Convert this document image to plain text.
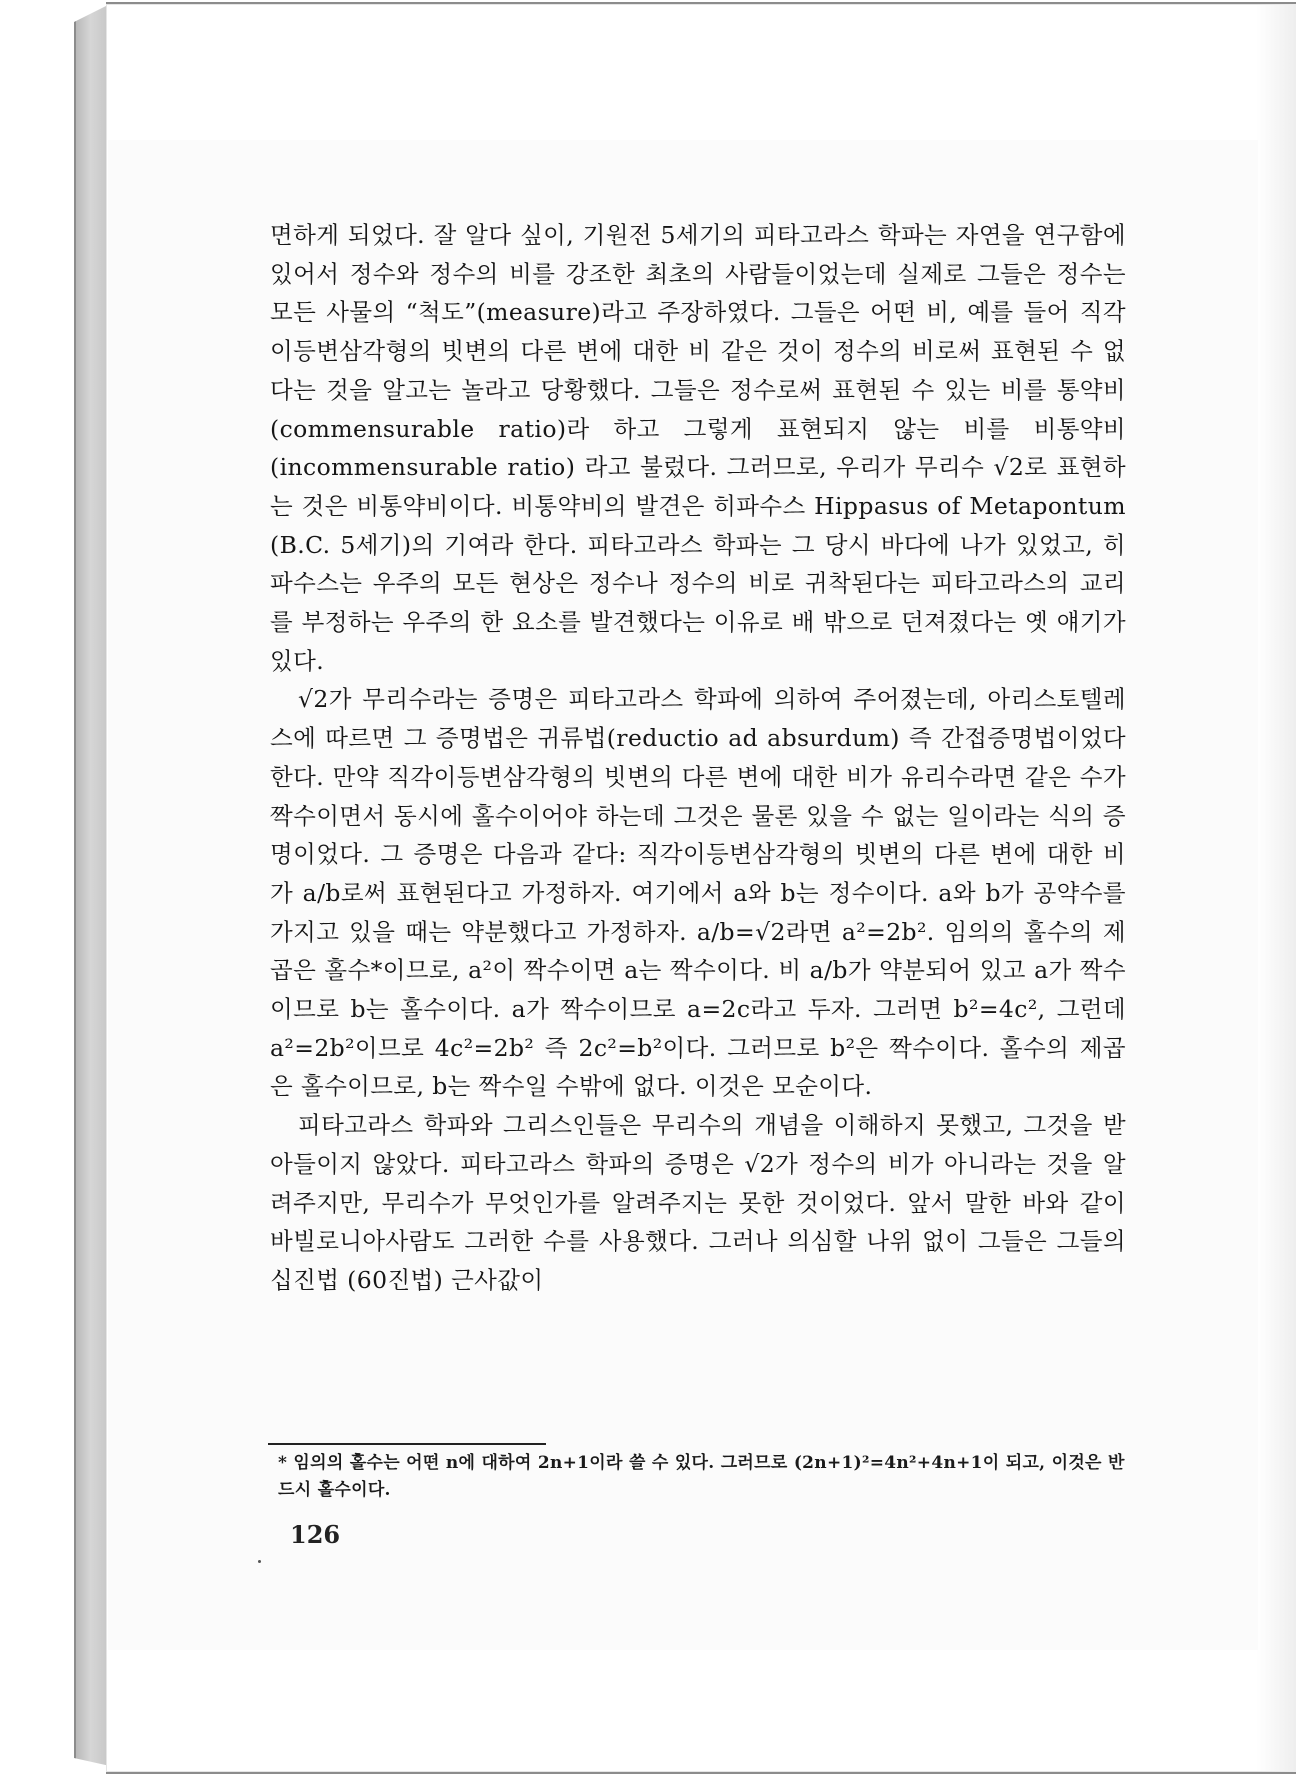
면하게 되었다. 잘 알다 싶이, 기원전 5세기의 피타고라스 학파는 자연을 연구함에 있어서 정수와 정수의 비를 강조한 최초의 사람들이었는데 실제로 그들은 정수는 모든 사물의 “척도”(measure)라고 주장하였다. 그들은 어떤 비, 예를 들어 직각이등변삼각형의 빗변의 다른 변에 대한 비 같은 것이 정수의 비로써 표현된 수 없다는 것을 알고는 놀라고 당황했다. 그들은 정수로써 표현된 수 있는 비를 통약비 (commensurable ratio)라 하고 그렇게 표현되지 않는 비를 비통약비 (incommensurable ratio) 라고 불렀다. 그러므로, 우리가 무리수 √2로 표현하는 것은 비통약비이다. 비통약비의 발견은 히파수스 Hippasus of Metapontum (B.C. 5세기)의 기여라 한다. 피타고라스 학파는 그 당시 바다에 나가 있었고, 히파수스는 우주의 모든 현상은 정수나 정수의 비로 귀착된다는 피타고라스의 교리를 부정하는 우주의 한 요소를 발견했다는 이유로 배 밖으로 던져졌다는 옛 얘기가 있다.

√2가 무리수라는 증명은 피타고라스 학파에 의하여 주어졌는데, 아리스토텔레스에 따르면 그 증명법은 귀류법(reductio ad absurdum) 즉 간접증명법이었다 한다. 만약 직각이등변삼각형의 빗변의 다른 변에 대한 비가 유리수라면 같은 수가 짝수이면서 동시에 홀수이어야 하는데 그것은 물론 있을 수 없는 일이라는 식의 증명이었다. 그 증명은 다음과 같다: 직각이등변삼각형의 빗변의 다른 변에 대한 비가 a/b로써 표현된다고 가정하자. 여기에서 a와 b는 정수이다. a와 b가 공약수를 가지고 있을 때는 약분했다고 가정하자. a/b=√2라면 a²=2b². 임의의 홀수의 제곱은 홀수*이므로, a²이 짝수이면 a는 짝수이다. 비 a/b가 약분되어 있고 a가 짝수이므로 b는 홀수이다. a가 짝수이므로 a=2c라고 두자. 그러면 b²=4c², 그런데 a²=2b²이므로 4c²=2b² 즉 2c²=b²이다. 그러므로 b²은 짝수이다. 홀수의 제곱은 홀수이므로, b는 짝수일 수밖에 없다. 이것은 모순이다.

피타고라스 학파와 그리스인들은 무리수의 개념을 이해하지 못했고, 그것을 받아들이지 않았다. 피타고라스 학파의 증명은 √2가 정수의 비가 아니라는 것을 알려주지만, 무리수가 무엇인가를 알려주지는 못한 것이었다. 앞서 말한 바와 같이 바빌로니아사람도 그러한 수를 사용했다. 그러나 의심할 나위 없이 그들은 그들의 십진법 (60진법) 근사값이

* 임의의 홀수는 어떤 n에 대하여 2n+1이라 쓸 수 있다. 그러므로 (2n+1)²=4n²+4n+1이 되고, 이것은 반드시 홀수이다.
126
